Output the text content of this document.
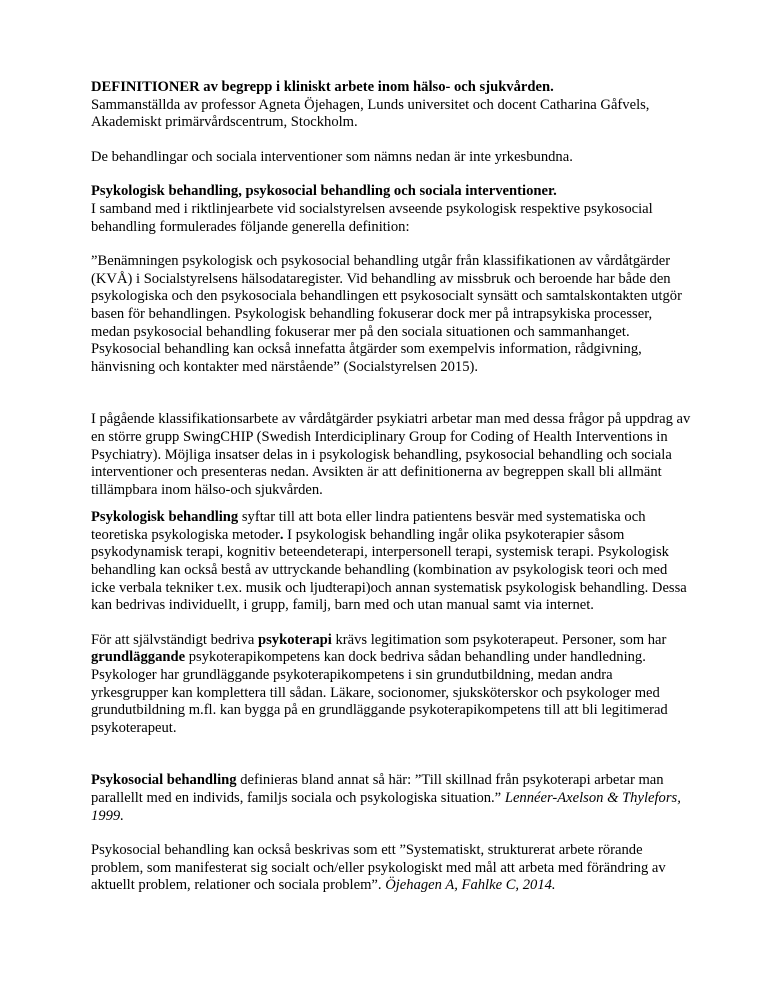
DEFINITIONER av begrepp i kliniskt arbete inom hälso- och sjukvården.
Sammanställda av professor Agneta Öjehagen, Lunds universitet och docent Catharina Gåfvels, Akademiskt primärvårdscentrum, Stockholm.

De behandlingar och sociala interventioner som nämns nedan är inte yrkesbundna.

Psykologisk behandling, psykosocial behandling och sociala interventioner.
I samband med i riktlinjearbete vid socialstyrelsen avseende psykologisk respektive psykosocial behandling formulerades följande generella definition:

”Benämningen psykologisk och psykosocial behandling utgår från klassifikationen av vårdåtgärder (KVÅ) i Socialstyrelsens hälsodataregister. Vid behandling av missbruk och beroende har både den psykologiska och den psykosociala behandlingen ett psykosocialt synsätt och samtalskontakten utgör basen för behandlingen. Psykologisk behandling fokuserar dock mer på intrapsykiska processer, medan psykosocial behandling fokuserar mer på den sociala situationen och sammanhanget. Psykosocial behandling kan också innefatta åtgärder som exempelvis information, rådgivning, hänvisning och kontakter med närstående” (Socialstyrelsen 2015).

I pågående klassifikationsarbete av vårdåtgärder psykiatri arbetar man med dessa frågor på uppdrag av en större grupp SwingCHIP (Swedish Interdiciplinary Group for Coding of Health Interventions in Psychiatry). Möjliga insatser delas in i psykologisk behandling, psykosocial behandling och sociala interventioner och presenteras nedan. Avsikten är att definitionerna av begreppen skall bli allmänt tillämpbara inom hälso-och sjukvården.

Psykologisk behandling syftar till att bota eller lindra patientens besvär med systematiska och teoretiska psykologiska metoder. I psykologisk behandling ingår olika psykoterapier såsom psykodynamisk terapi, kognitiv beteendeterapi, interpersonell terapi, systemisk terapi. Psykologisk behandling kan också bestå av uttryckande behandling (kombination av psykologisk teori och med icke verbala tekniker t.ex. musik och ljudterapi)och annan systematisk psykologisk behandling. Dessa kan bedrivas individuellt, i grupp, familj, barn med och utan manual samt via internet.

För att självständigt bedriva psykoterapi krävs legitimation som psykoterapeut. Personer, som har grundläggande psykoterapikompetens kan dock bedriva sådan behandling under handledning. Psykologer har grundläggande psykoterapikompetens i sin grundutbildning, medan andra yrkesgrupper kan komplettera till sådan. Läkare, socionomer, sjuksköterskor och psykologer med grundutbildning m.fl. kan bygga på en grundläggande psykoterapikompetens till att bli legitimerad psykoterapeut.

Psykosocial behandling definieras bland annat så här: ”Till skillnad från psykoterapi arbetar man parallellt med en individs, familjs sociala och psykologiska situation.” Lennéer-Axelson & Thylefors, 1999.

Psykosocial behandling kan också beskrivas som ett ”Systematiskt, strukturerat arbete rörande problem, som manifesterat sig socialt och/eller psykologiskt med mål att arbeta med förändring av aktuellt problem, relationer och sociala problem”. Öjehagen A, Fahlke C, 2014.
